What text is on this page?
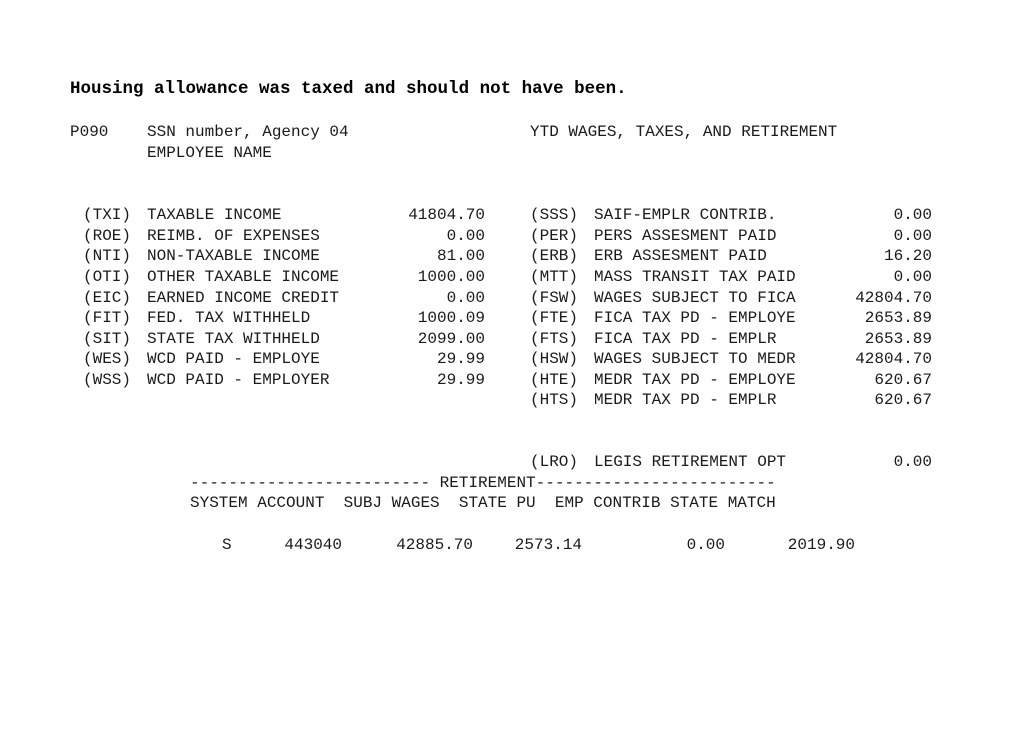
Housing allowance was taxed and should not have been.
P090 SSN number, Agency 04	YTD WAGES, TAXES, AND RETIREMENT
EMPLOYEE NAME
(TXI) TAXABLE INCOME	41804.70
(ROE) REIMB. OF EXPENSES	0.00
(NTI) NON-TAXABLE INCOME	81.00
(OTI) OTHER TAXABLE INCOME	1000.00
(EIC) EARNED INCOME CREDIT	0.00
(FIT) FED. TAX WITHHELD	1000.09
(SIT) STATE TAX WITHHELD	2099.00
(WES) WCD PAID - EMPLOYE	29.99
(WSS) WCD PAID - EMPLOYER	29.99
(SSS) SAIF-EMPLR CONTRIB.	0.00
(PER) PERS ASSESMENT PAID	0.00
(ERB) ERB ASSESMENT PAID	16.20
(MTT) MASS TRANSIT TAX PAID	0.00
(FSW) WAGES SUBJECT TO FICA	42804.70
(FTE) FICA TAX PD - EMPLOYE	2653.89
(FTS) FICA TAX PD - EMPLR	2653.89
(HSW) WAGES SUBJECT TO MEDR	42804.70
(HTE) MEDR TAX PD - EMPLOYE	620.67
(HTS) MEDR TAX PD - EMPLR	620.67
(LRO) LEGIS RETIREMENT OPT	0.00
------------------------- RETIREMENT-------------------------
SYSTEM ACCOUNT  SUBJ WAGES  STATE PU  EMP CONTRIB STATE MATCH
S	443040	42885.70	2573.14	0.00	2019.90
